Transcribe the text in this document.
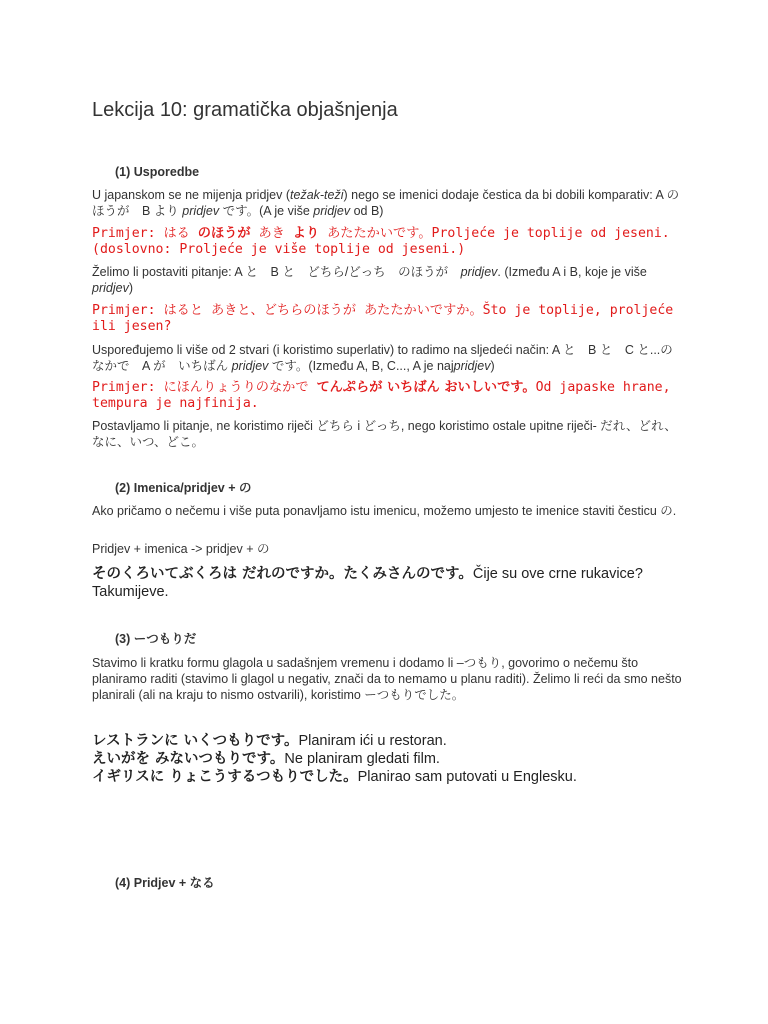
Lekcija 10: gramatička objašnjenja
(1) Usporedbe

U japanskom se ne mijenja pridjev (težak-teži) nego se imenici dodaje čestica da bi dobili komparativ: A のほうが　B より pridjev です。(A je više pridjev od B)

Primjer: はる のほうが あき より あたたかいです。Proljeće je toplije od jeseni. (doslovno: Proljeće je više toplije od jeseni.)

Želimo li postaviti pitanje: A と　B と　どちら/どっち　のほうが　pridjev. (Između A i B, koje je više pridjev)

Primjer: はると あきと、どちらのほうが あたたかいですか。Što je toplije, proljeće ili jesen?

Uspoređujemo li više od 2 stvari (i koristimo superlativ) to radimo na sljedeći način: A と　B と　C と...のなかで　A が　いちばん pridjev です。(Između A, B, C..., A je najpridjev)

Primjer: にほんりょうりのなかで てんぷらが いちばん おいしいです。Od japaske hrane, tempura je najfinija.

Postavljamo li pitanje, ne koristimo riječi どちら i どっち, nego koristimo ostale upitne riječi- だれ、どれ、なに、いつ、どこ。

(2) Imenica/pridjev + の

Ako pričamo o nečemu i više puta ponavljamo istu imenicu, možemo umjesto te imenice staviti česticu の.

Pridjev + imenica -> pridjev + の

そのくろいてぶくろは だれのですか。たくみさんのです。Čije su ove crne rukavice? Takumijeve.

(3) ーつもりだ

Stavimo li kratku formu glagola u sadašnjem vremenu i dodamo li –つもり, govorimo o nečemu što planiramo raditi (stavimo li glagol u negativ, znači da to nemamo u planu raditi). Želimo li reći da smo nešto planirali (ali na kraju to nismo ostvarili), koristimo ーつもりでした。

レストランに いくつもりです。Planiram ići u restoran.

えいがを みないつもりです。Ne planiram gledati film.

イギリスに りょこうするつもりでした。Planirao sam putovati u Englesku.

(4) Pridjev + なる
